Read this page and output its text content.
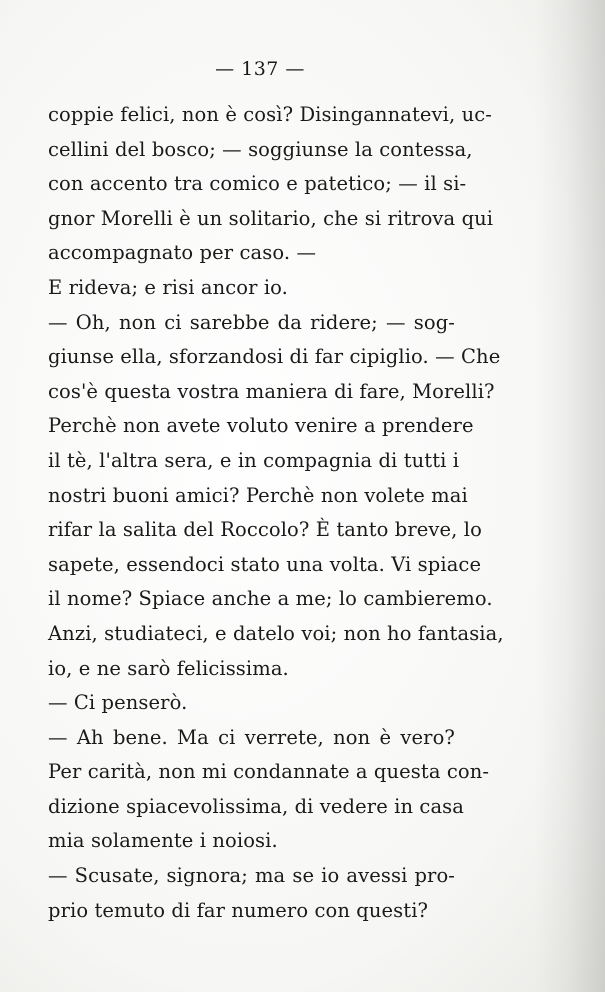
— 137 —
coppie felici, non è così? Disingannatevi, uc-
cellini del bosco; — soggiunse la contessa,
con accento tra comico e patetico; — il si-
gnor Morelli è un solitario, che si ritrova qui
accompagnato per caso. —
E rideva; e risi ancor io.
— Oh, non ci sarebbe da ridere; — sog-
giunse ella, sforzandosi di far cipiglio. — Che
cos'è questa vostra maniera di fare, Morelli?
Perchè non avete voluto venire a prendere
il tè, l'altra sera, e in compagnia di tutti i
nostri buoni amici? Perchè non volete mai
rifar la salita del Roccolo? È tanto breve, lo
sapete, essendoci stato una volta. Vi spiace
il nome? Spiace anche a me; lo cambieremo.
Anzi, studiateci, e datelo voi; non ho fantasia,
io, e ne sarò felicissima.
— Ci penserò.
— Ah bene. Ma ci verrete, non è vero?
Per carità, non mi condannate a questa con-
dizione spiacevolissima, di vedere in casa
mia solamente i noiosi.
— Scusate, signora; ma se io avessi pro-
prio temuto di far numero con questi?
